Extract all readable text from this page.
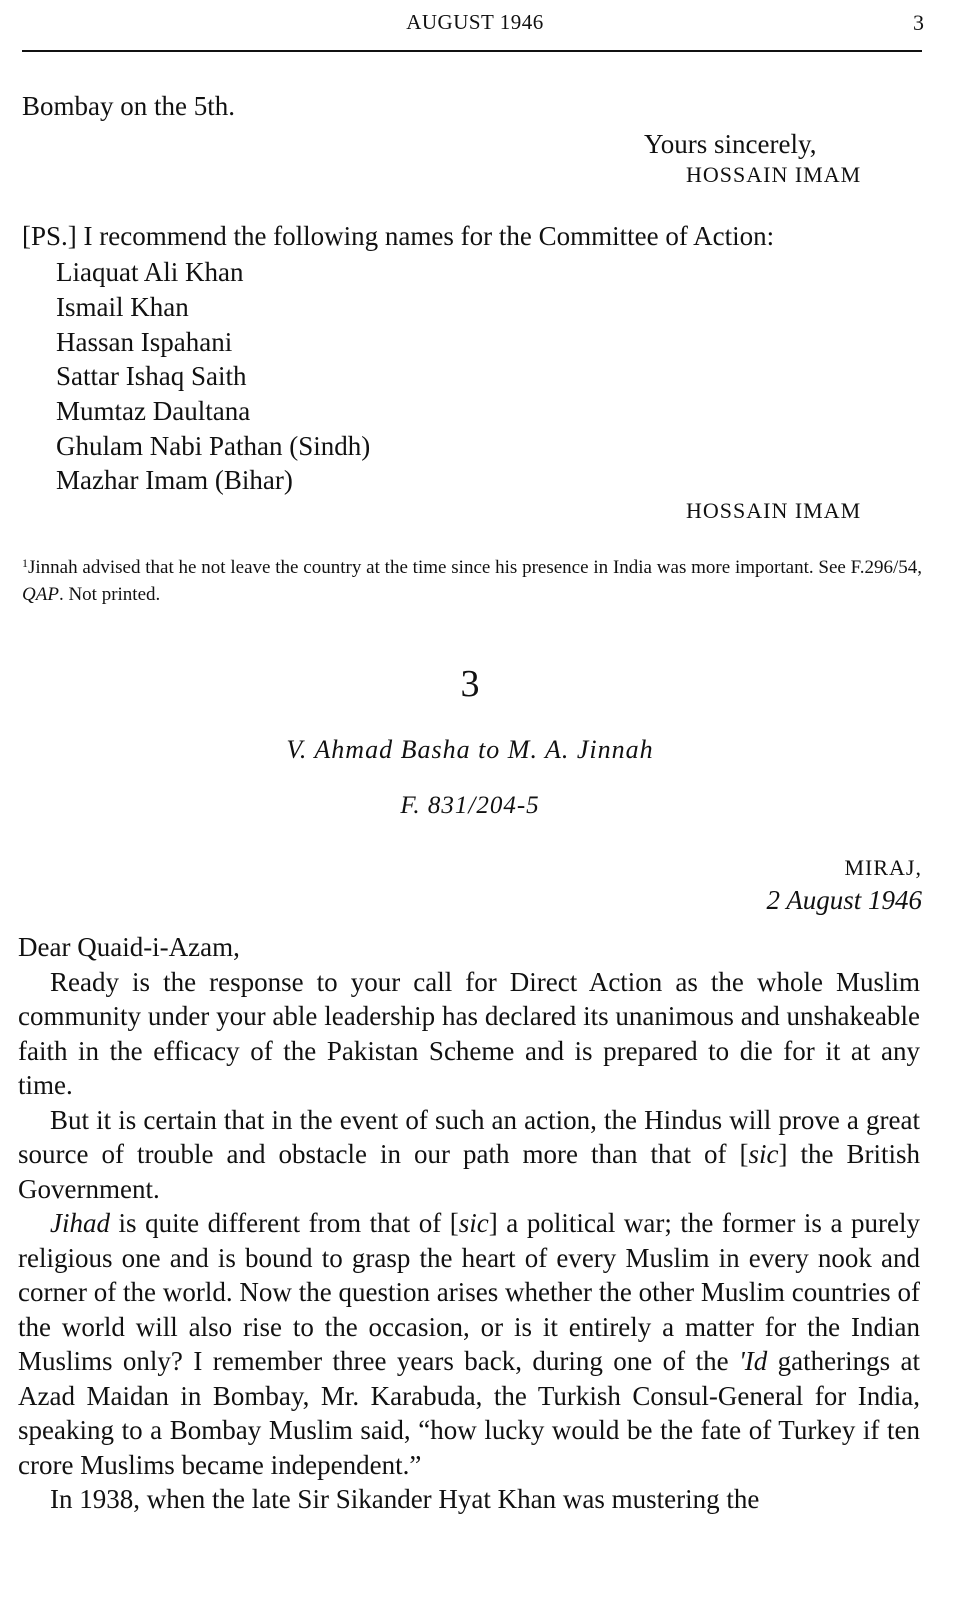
AUGUST 1946	3
Bombay on the 5th.
Yours sincerely,
HOSSAIN IMAM
[PS.] I recommend the following names for the Committee of Action:
Liaquat Ali Khan
Ismail Khan
Hassan Ispahani
Sattar Ishaq Saith
Mumtaz Daultana
Ghulam Nabi Pathan (Sindh)
Mazhar Imam (Bihar)
HOSSAIN IMAM
$^1$Jinnah advised that he not leave the country at the time since his presence in India was more important. See F.296/54, QAP. Not printed.
3
V. Ahmad Basha to M. A. Jinnah
F. 831/204-5
MIRAJ,
2 August 1946

Dear Quaid-i-Azam,

Ready is the response to your call for Direct Action as the whole Muslim community under your able leadership has declared its unanimous and unshakeable faith in the efficacy of the Pakistan Scheme and is prepared to die for it at any time.

But it is certain that in the event of such an action, the Hindus will prove a great source of trouble and obstacle in our path more than that of [sic] the British Government.

Jihad is quite different from that of [sic] a political war; the former is a purely religious one and is bound to grasp the heart of every Muslim in every nook and corner of the world. Now the question arises whether the other Muslim countries of the world will also rise to the occasion, or is it entirely a matter for the Indian Muslims only? I remember three years back, during one of the 'Id gatherings at Azad Maidan in Bombay, Mr. Karabuda, the Turkish Consul-General for India, speaking to a Bombay Muslim said, “how lucky would be the fate of Turkey if ten crore Muslims became independent.”

In 1938, when the late Sir Sikander Hyat Khan was mustering the
